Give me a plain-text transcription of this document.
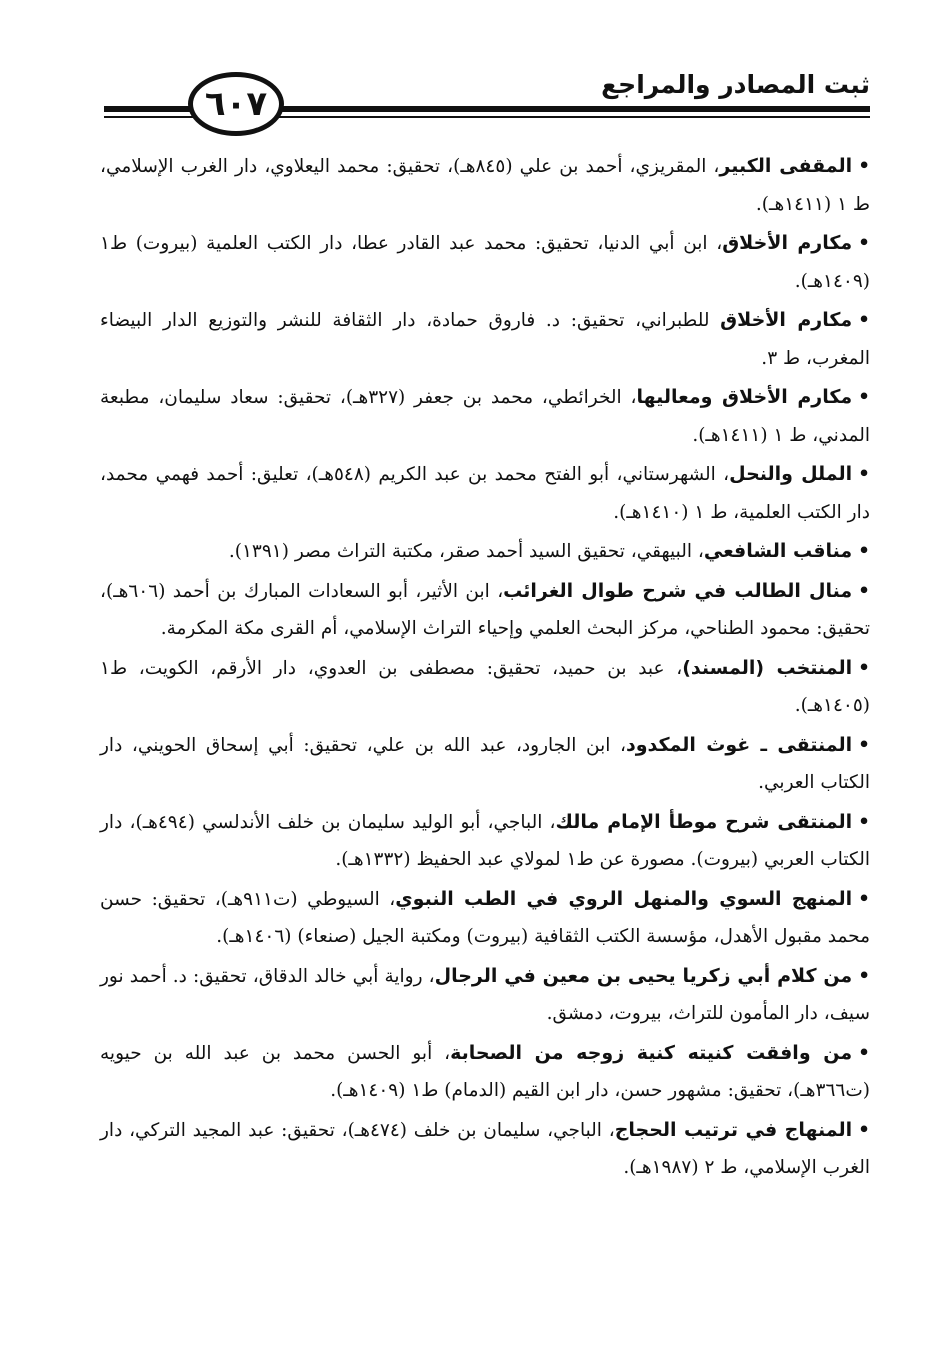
ثبت المصادر والمراجع
٦٠٧

•المقفى الكبير، المقريزي، أحمد بن علي (٨٤٥هـ)، تحقيق: محمد اليعلاوي، دار الغرب الإسلامي، ط ١ (١٤١١هـ).

•مكارم الأخلاق، ابن أبي الدنيا، تحقيق: محمد عبد القادر عطا، دار الكتب العلمية (بيروت) ط١ (١٤٠٩هـ).

•مكارم الأخلاق للطبراني، تحقيق: د. فاروق حمادة، دار الثقافة للنشر والتوزيع الدار البيضاء المغرب، ط ٣.

•مكارم الأخلاق ومعاليها، الخرائطي، محمد بن جعفر (٣٢٧هـ)، تحقيق: سعاد سليمان، مطبعة المدني، ط ١ (١٤١١هـ).

•الملل والنحل، الشهرستاني، أبو الفتح محمد بن عبد الكريم (٥٤٨هـ)، تعليق: أحمد فهمي محمد، دار الكتب العلمية، ط ١ (١٤١٠هـ).

•مناقب الشافعي، البيهقي، تحقيق السيد أحمد صقر، مكتبة التراث مصر (١٣٩١).

•منال الطالب في شرح طوال الغرائب، ابن الأثير، أبو السعادات المبارك بن أحمد (٦٠٦هـ)، تحقيق: محمود الطناحي، مركز البحث العلمي وإحياء التراث الإسلامي، أم القرى مكة المكرمة.

•المنتخب (المسند)، عبد بن حميد، تحقيق: مصطفى بن العدوي، دار الأرقم، الكويت، ط١ (١٤٠٥هـ).

•المنتقى ـ غوث المكدود، ابن الجارود، عبد الله بن علي، تحقيق: أبي إسحاق الحويني، دار الكتاب العربي.

•المنتقى شرح موطأ الإمام مالك، الباجي، أبو الوليد سليمان بن خلف الأندلسي (٤٩٤هـ)، دار الكتاب العربي (بيروت). مصورة عن ط١ لمولاي عبد الحفيظ (١٣٣٢هـ).

•المنهج السوي والمنهل الروي في الطب النبوي، السيوطي (ت٩١١هـ)، تحقيق: حسن محمد مقبول الأهدل، مؤسسة الكتب الثقافية (بيروت) ومكتبة الجيل (صنعاء) (١٤٠٦هـ).

•من كلام أبي زكريا يحيى بن معين في الرجال، رواية أبي خالد الدقاق، تحقيق: د. أحمد نور سيف، دار المأمون للتراث، بيروت، دمشق.

•من وافقت كنيته كنية زوجه من الصحابة، أبو الحسن محمد بن عبد الله بن حيويه (ت٣٦٦هـ)، تحقيق: مشهور حسن، دار ابن القيم (الدمام) ط١ (١٤٠٩هـ).

•المنهاج في ترتيب الحجاج، الباجي، سليمان بن خلف (٤٧٤هـ)، تحقيق: عبد المجيد التركي، دار الغرب الإسلامي، ط ٢ (١٩٨٧هـ).
